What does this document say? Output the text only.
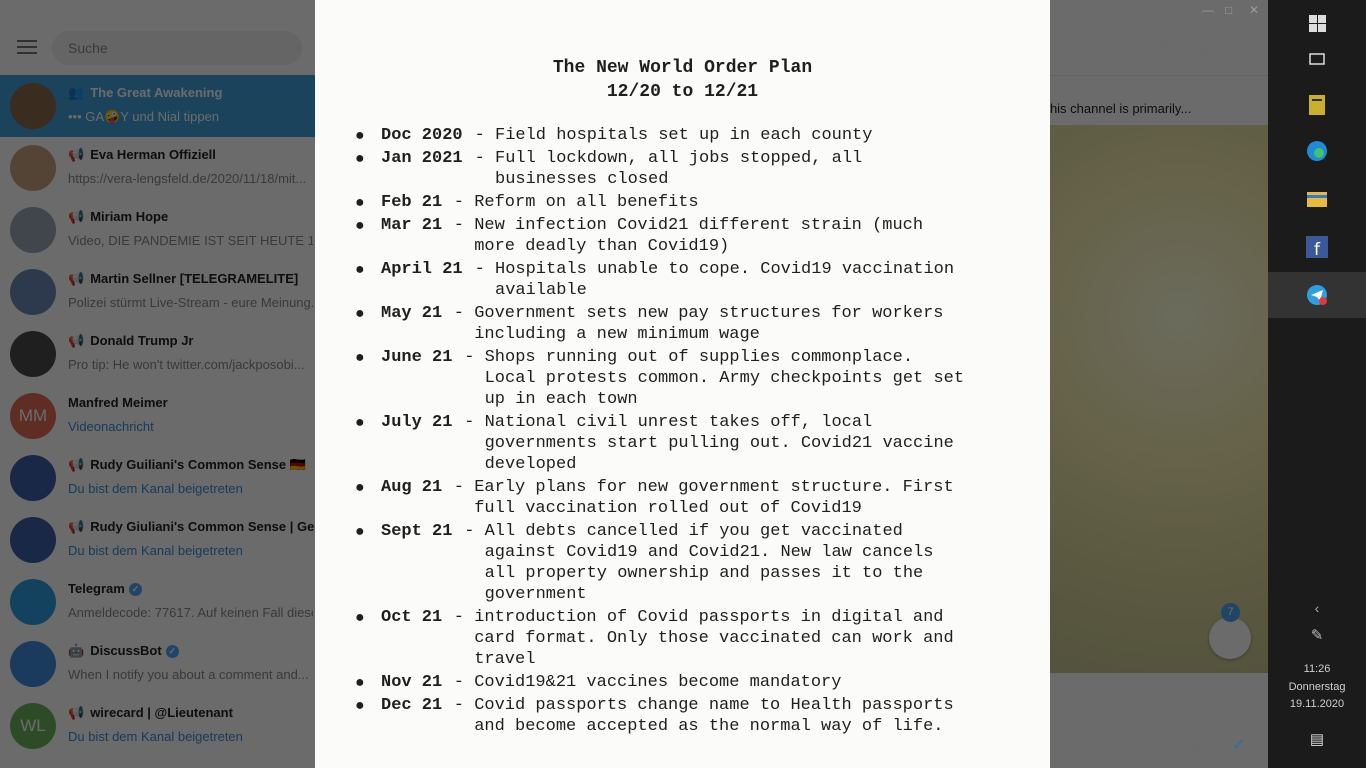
— □ ✕
⚲ ◫ ⋮
✕
✕
☺ ✓
f
‹
✎
11:26
Donnerstag
19.11.2020
▤
The New World Order Plan
12/20 to 12/21
● Doc 2020 - Field hospitals set up in each county
● Jan 2021 - Full lockdown, all jobs stopped, all
businesses closed
● Feb 21 - Reform on all benefits
● Mar 21 - New infection Covid21 different strain (much
more deadly than Covid19)
● April 21 - Hospitals unable to cope. Covid19 vaccination
available
● May 21 - Government sets new pay structures for workers
including a new minimum wage
● June 21 - Shops running out of supplies commonplace.
Local protests common. Army checkpoints get set
up in each town
● July 21 - National civil unrest takes off, local
governments start pulling out. Covid21 vaccine
developed
● Aug 21 - Early plans for new government structure. First
full vaccination rolled out of Covid19
● Sept 21 - All debts cancelled if you get vaccinated
against Covid19 and Covid21. New law cancels
all property ownership and passes it to the
government
● Oct 21 - introduction of Covid passports in digital and
card format. Only those vaccinated can work and
travel
● Nov 21 - Covid19&21 vaccines become mandatory
● Dec 21 - Covid passports change name to Health passports
and become accepted as the normal way of life.
